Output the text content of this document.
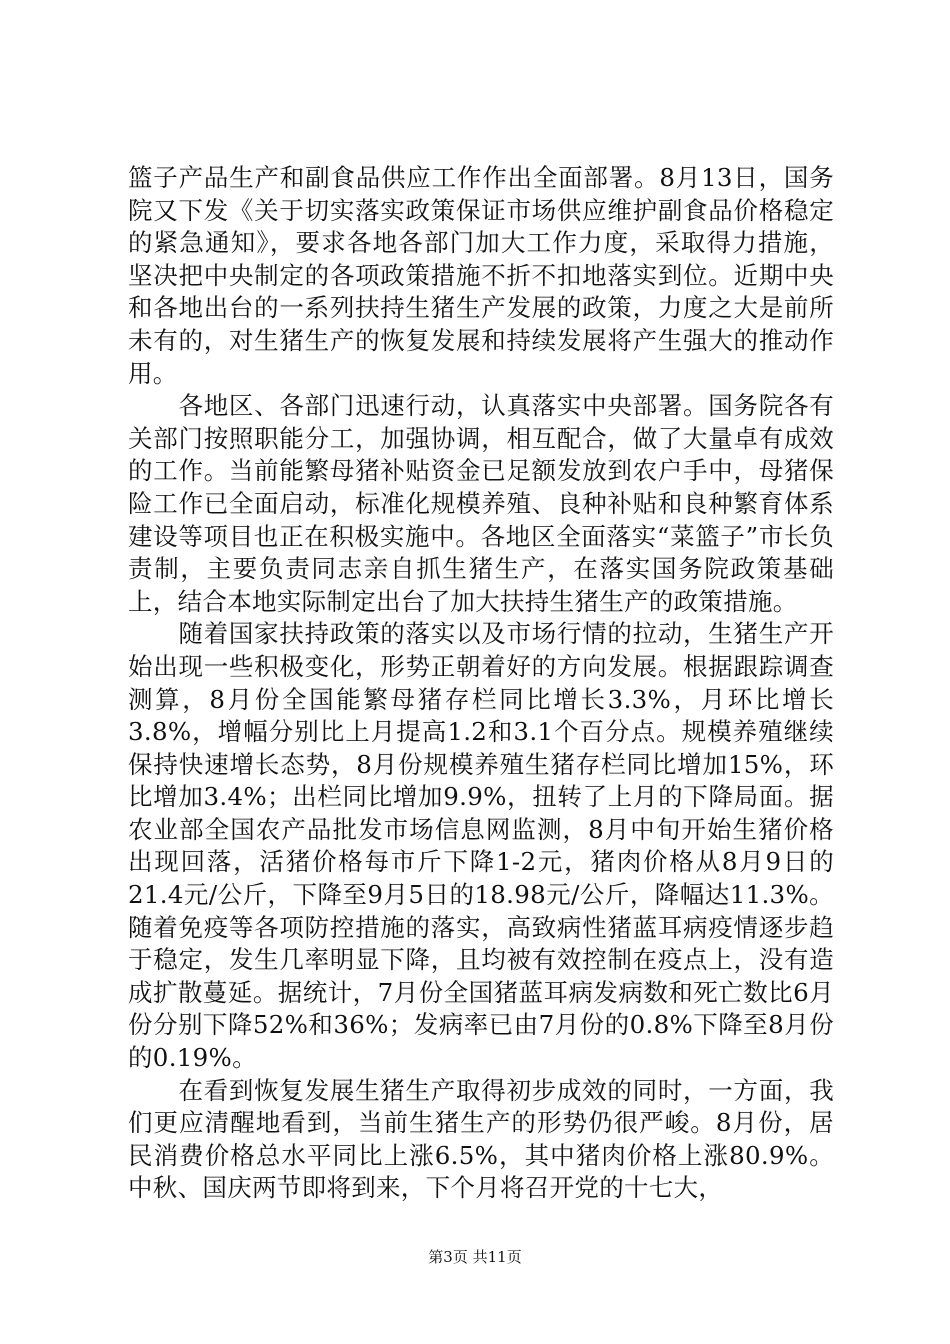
篮子产品生产和副食品供应工作作出全面部署。8月13日，国务院又下发《关于切实落实政策保证市场供应维护副食品价格稳定的紧急通知》，要求各地各部门加大工作力度，采取得力措施，坚决把中央制定的各项政策措施不折不扣地落实到位。近期中央和各地出台的一系列扶持生猪生产发展的政策，力度之大是前所未有的，对生猪生产的恢复发展和持续发展将产生强大的推动作用。

　　各地区、各部门迅速行动，认真落实中央部署。国务院各有关部门按照职能分工，加强协调，相互配合，做了大量卓有成效的工作。当前能繁母猪补贴资金已足额发放到农户手中，母猪保险工作已全面启动，标准化规模养殖、良种补贴和良种繁育体系建设等项目也正在积极实施中。各地区全面落实“菜篮子”市长负责制，主要负责同志亲自抓生猪生产，在落实国务院政策基础上，结合本地实际制定出台了加大扶持生猪生产的政策措施。

　　随着国家扶持政策的落实以及市场行情的拉动，生猪生产开始出现一些积极变化，形势正朝着好的方向发展。根据跟踪调查测算，8月份全国能繁母猪存栏同比增长3.3%，月环比增长3.8%，增幅分别比上月提高1.2和3.1个百分点。规模养殖继续保持快速增长态势，8月份规模养殖生猪存栏同比增加15%，环比增加3.4%；出栏同比增加9.9%，扭转了上月的下降局面。据农业部全国农产品批发市场信息网监测，8月中旬开始生猪价格出现回落，活猪价格每市斤下降1-2元，猪肉价格从8月9日的21.4元/公斤，下降至9月5日的18.98元/公斤，降幅达11.3%。随着免疫等各项防控措施的落实，高致病性猪蓝耳病疫情逐步趋于稳定，发生几率明显下降，且均被有效控制在疫点上，没有造成扩散蔓延。据统计，7月份全国猪蓝耳病发病数和死亡数比6月份分别下降52%和36%；发病率已由7月份的0.8%下降至8月份的0.19%。

　　在看到恢复发展生猪生产取得初步成效的同时，一方面，我们更应清醒地看到，当前生猪生产的形势仍很严峻。8月份，居民消费价格总水平同比上涨6.5%，其中猪肉价格上涨80.9%。中秋、国庆两节即将到来，下个月将召开党的十七大，

第3页 共11页
